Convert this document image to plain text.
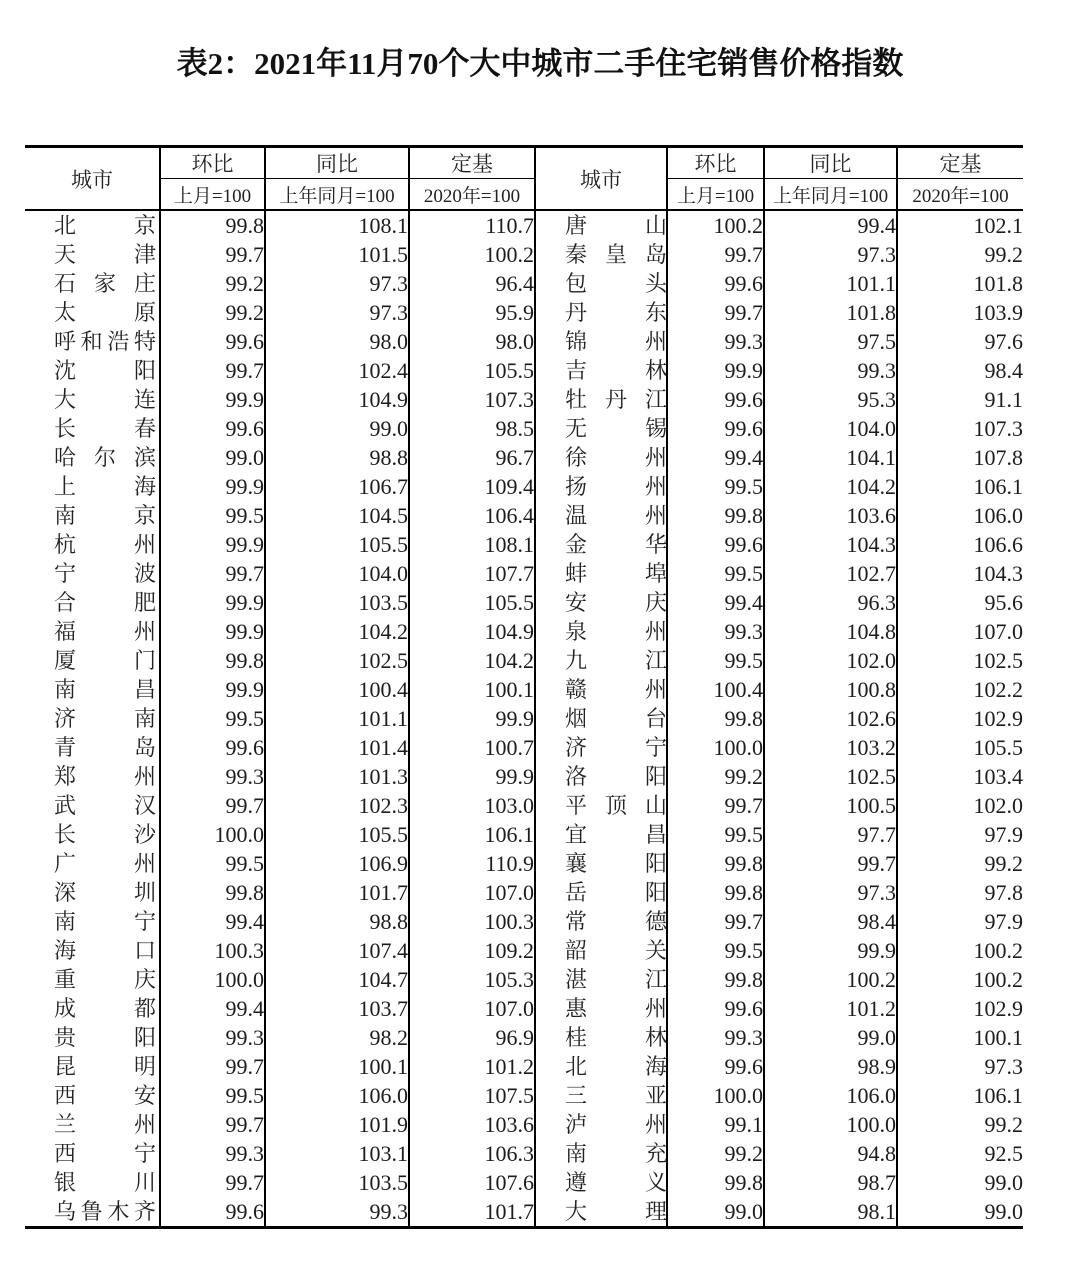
表2：2021年11月70个大中城市二手住宅销售价格指数
城市	环比	同比	定基	城市	环比	同比	定基
	上月=100	上年同月=100	2020年=100		上月=100	上年同月=100	2020年=100

北 京	99.8	108.1	110.7	唐 山	100.2	99.4	102.1

天 津	99.7	101.5	100.2	秦 皇 岛	99.7	97.3	99.2

石 家 庄	99.2	97.3	96.4	包 头	99.6	101.1	101.8

太 原	99.2	97.3	95.9	丹 东	99.7	101.8	103.9

呼 和 浩 特	99.6	98.0	98.0	锦 州	99.3	97.5	97.6

沈 阳	99.7	102.4	105.5	吉 林	99.9	99.3	98.4

大 连	99.9	104.9	107.3	牡 丹 江	99.6	95.3	91.1

长 春	99.6	99.0	98.5	无 锡	99.6	104.0	107.3

哈 尔 滨	99.0	98.8	96.7	徐 州	99.4	104.1	107.8

上 海	99.9	106.7	109.4	扬 州	99.5	104.2	106.1

南 京	99.5	104.5	106.4	温 州	99.8	103.6	106.0

杭 州	99.9	105.5	108.1	金 华	99.6	104.3	106.6

宁 波	99.7	104.0	107.7	蚌 埠	99.5	102.7	104.3

合 肥	99.9	103.5	105.5	安 庆	99.4	96.3	95.6

福 州	99.9	104.2	104.9	泉 州	99.3	104.8	107.0

厦 门	99.8	102.5	104.2	九 江	99.5	102.0	102.5

南 昌	99.9	100.4	100.1	赣 州	100.4	100.8	102.2

济 南	99.5	101.1	99.9	烟 台	99.8	102.6	102.9

青 岛	99.6	101.4	100.7	济 宁	100.0	103.2	105.5

郑 州	99.3	101.3	99.9	洛 阳	99.2	102.5	103.4

武 汉	99.7	102.3	103.0	平 顶 山	99.7	100.5	102.0

长 沙	100.0	105.5	106.1	宜 昌	99.5	97.7	97.9

广 州	99.5	106.9	110.9	襄 阳	99.8	99.7	99.2

深 圳	99.8	101.7	107.0	岳 阳	99.8	97.3	97.8

南 宁	99.4	98.8	100.3	常 德	99.7	98.4	97.9

海 口	100.3	107.4	109.2	韶 关	99.5	99.9	100.2

重 庆	100.0	104.7	105.3	湛 江	99.8	100.2	100.2

成 都	99.4	103.7	107.0	惠 州	99.6	101.2	102.9

贵 阳	99.3	98.2	96.9	桂 林	99.3	99.0	100.1

昆 明	99.7	100.1	101.2	北 海	99.6	98.9	97.3

西 安	99.5	106.0	107.5	三 亚	100.0	106.0	106.1

兰 州	99.7	101.9	103.6	泸 州	99.1	100.0	99.2

西 宁	99.3	103.1	106.3	南 充	99.2	94.8	92.5

银 川	99.7	103.5	107.6	遵 义	99.8	98.7	99.0

乌 鲁 木 齐	99.6	99.3	101.7	大 理	99.0	98.1	99.0
